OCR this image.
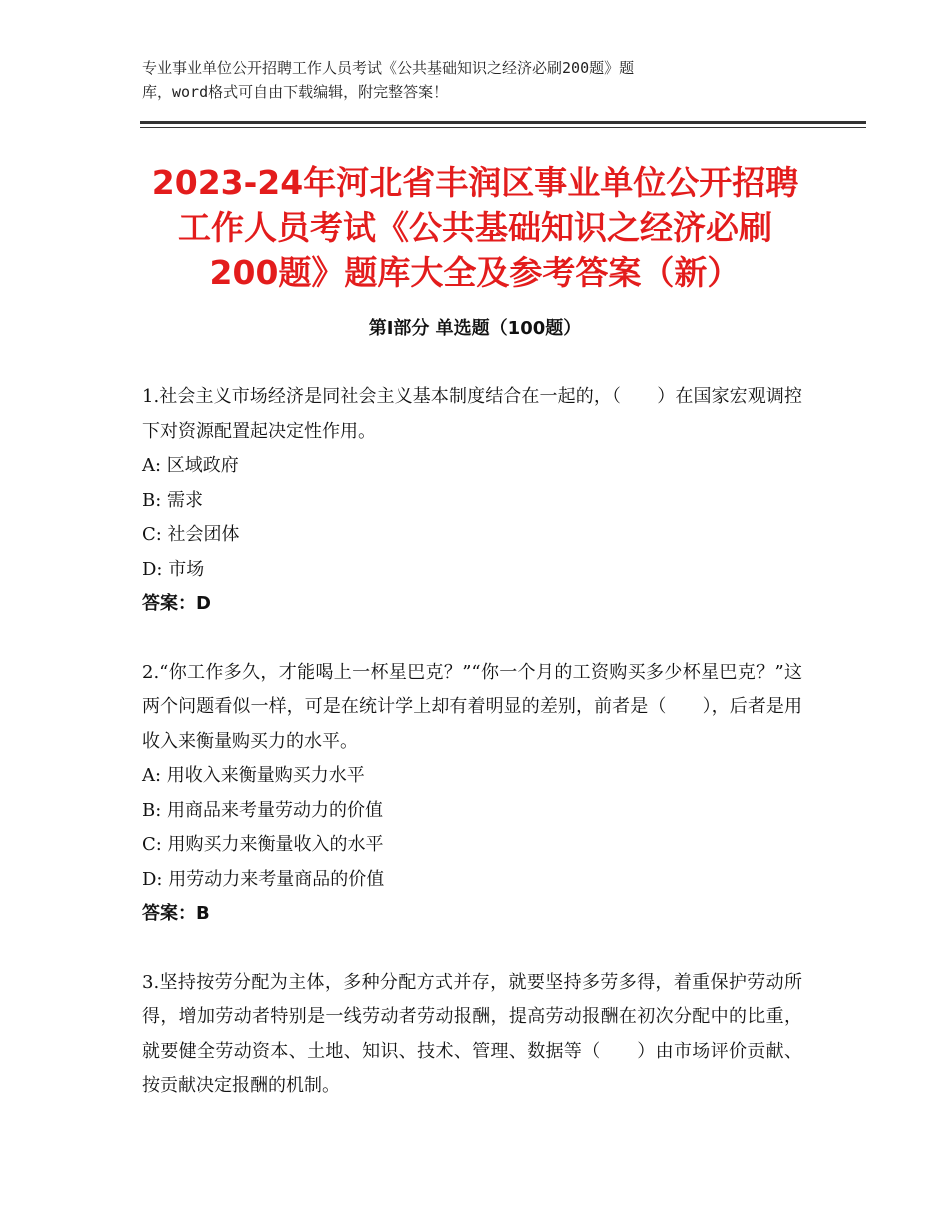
专业事业单位公开招聘工作人员考试《公共基础知识之经济必刷200题》题
库，word格式可自由下载编辑，附完整答案！
2023-24年河北省丰润区事业单位公开招聘
工作人员考试《公共基础知识之经济必刷
200题》题库大全及参考答案（新）
第Ⅰ部分 单选题（100题）
1.社会主义市场经济是同社会主义基本制度结合在一起的，（　　）在国家宏观调控下对资源配置起决定性作用。
A: 区域政府
B: 需求
C: 社会团体
D: 市场
答案：D
2.“你工作多久，才能喝上一杯星巴克？”“你一个月的工资购买多少杯星巴克？”这两个问题看似一样，可是在统计学上却有着明显的差别，前者是（　　），后者是用收入来衡量购买力的水平。
A: 用收入来衡量购买力水平
B: 用商品来考量劳动力的价值
C: 用购买力来衡量收入的水平
D: 用劳动力来考量商品的价值
答案：B
3.坚持按劳分配为主体，多种分配方式并存，就要坚持多劳多得，着重保护劳动所得，增加劳动者特别是一线劳动者劳动报酬，提高劳动报酬在初次分配中的比重，就要健全劳动资本、土地、知识、技术、管理、数据等（　　）由市场评价贡献、按贡献决定报酬的机制。
